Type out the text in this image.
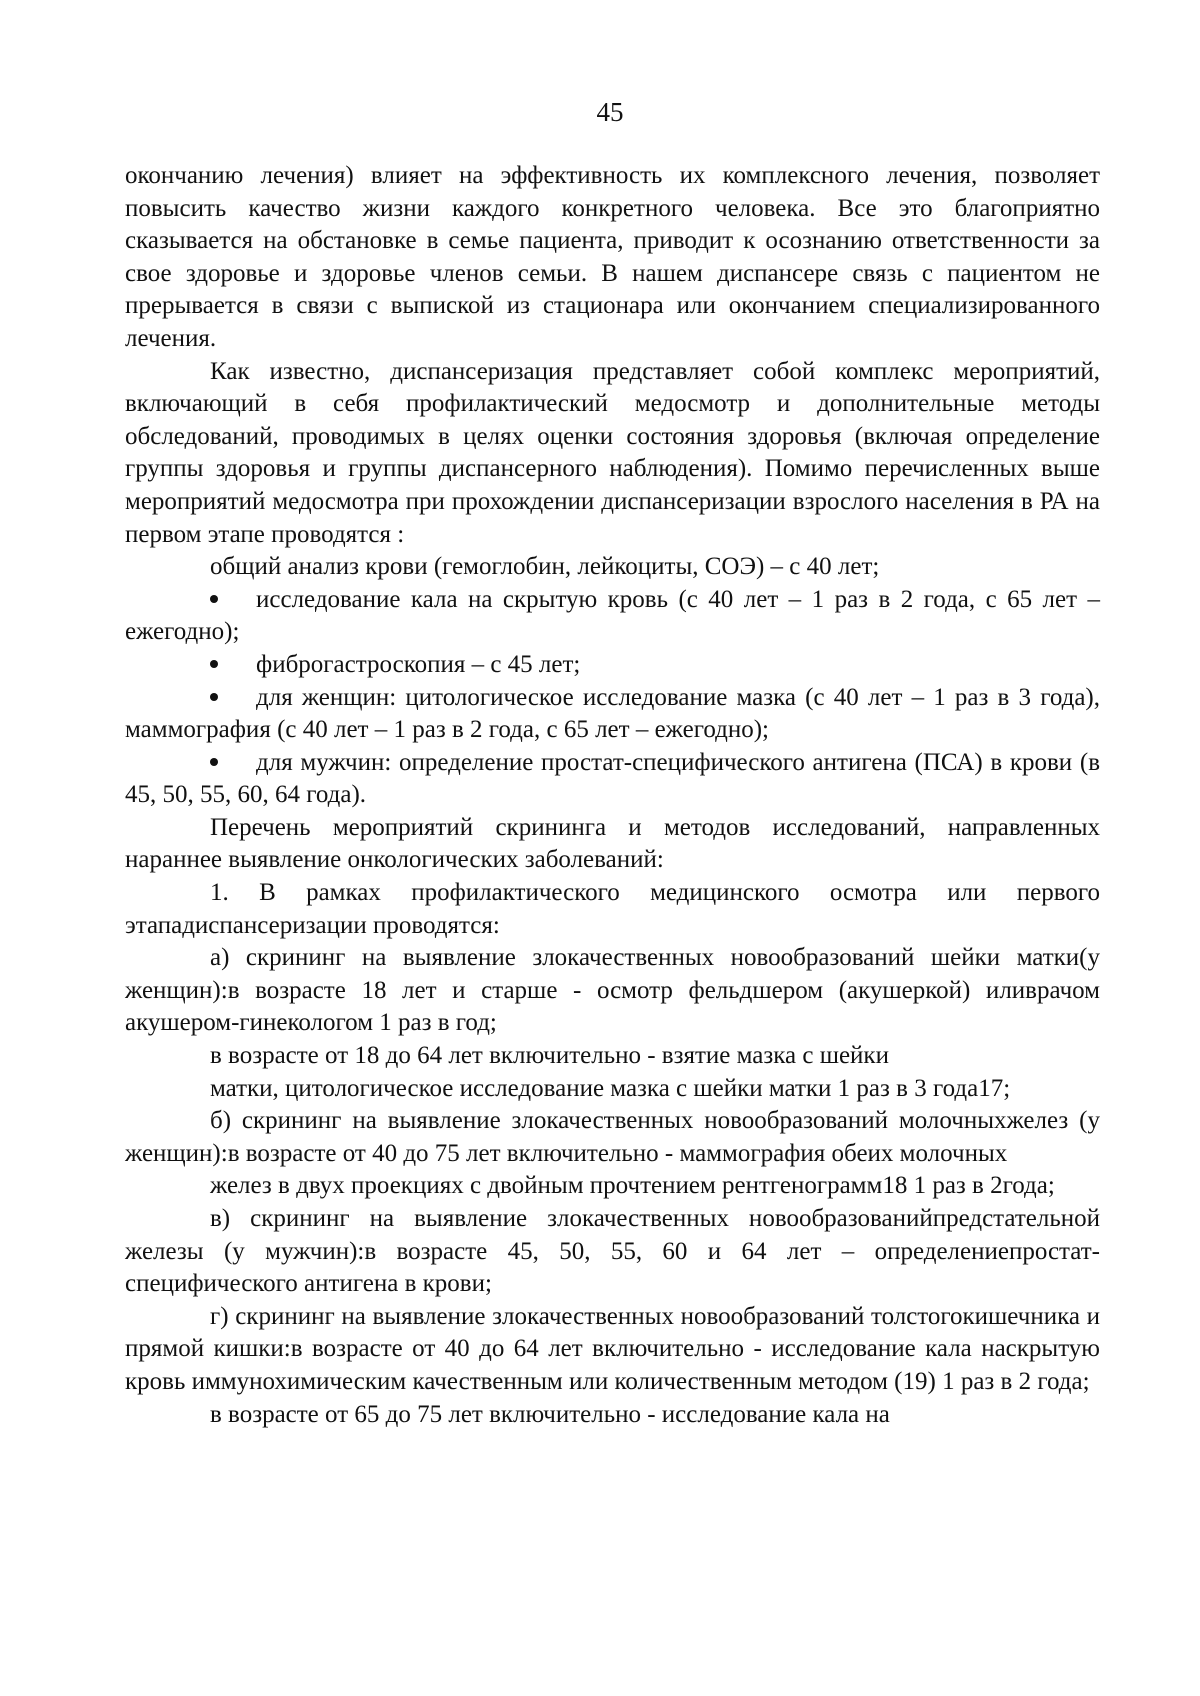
45

окончанию лечения) влияет на эффективность их комплексного лечения, позволяет повысить качество жизни каждого конкретного человека. Все это благоприятно сказывается на обстановке в семье пациента, приводит к осознанию ответственности за свое здоровье и здоровье членов семьи. В нашем диспансере связь с пациентом не прерывается в связи с выпиской из стационара или окончанием специализированного лечения.

Как известно, диспансеризация представляет собой комплекс мероприятий, включающий в себя профилактический медосмотр и дополнительные методы обследований, проводимых в целях оценки состояния здоровья (включая определение группы здоровья и группы диспансерного наблюдения). Помимо перечисленных выше мероприятий медосмотра при прохождении диспансеризации взрослого населения в РА на первом этапе проводятся :

общий анализ крови (гемоглобин, лейкоциты, СОЭ) – с 40 лет;

исследование кала на скрытую кровь (с 40 лет – 1 раз в 2 года, с 65 лет – ежегодно);

фиброгастроскопия – с 45 лет;

для женщин: цитологическое исследование мазка (с 40 лет – 1 раз в 3 года), маммография (с 40 лет – 1 раз в 2 года, с 65 лет – ежегодно);

для мужчин: определение простат-специфического антигена (ПСА) в крови (в 45, 50, 55, 60, 64 года).

Перечень мероприятий скрининга и методов исследований, направленных нараннее выявление онкологических заболеваний:

1. В рамках профилактического медицинского осмотра или первого этападиспансеризации проводятся:

а) скрининг на выявление злокачественных новообразований шейки матки(у женщин):в возрасте 18 лет и старше - осмотр фельдшером (акушеркой) иливрачом акушером-гинекологом 1 раз в год;

в возрасте от 18 до 64 лет включительно - взятие мазка с шейки

матки, цитологическое исследование мазка с шейки матки 1 раз в 3 года17;

б) скрининг на выявление злокачественных новообразований молочныхжелез (у женщин):в возрасте от 40 до 75 лет включительно - маммография обеих молочных

желез в двух проекциях с двойным прочтением рентгенограмм18 1 раз в 2года;

в) скрининг на выявление злокачественных новообразованийпредстательной железы (у мужчин):в возрасте 45, 50, 55, 60 и 64 лет – определениепростат-специфического антигена в крови;

г) скрининг на выявление злокачественных новообразований толстогокишечника и прямой кишки:в возрасте от 40 до 64 лет включительно - исследование кала наскрытую кровь иммунохимическим качественным или количественным методом (19) 1 раз в 2 года;

в возрасте от 65 до 75 лет включительно - исследование кала на
